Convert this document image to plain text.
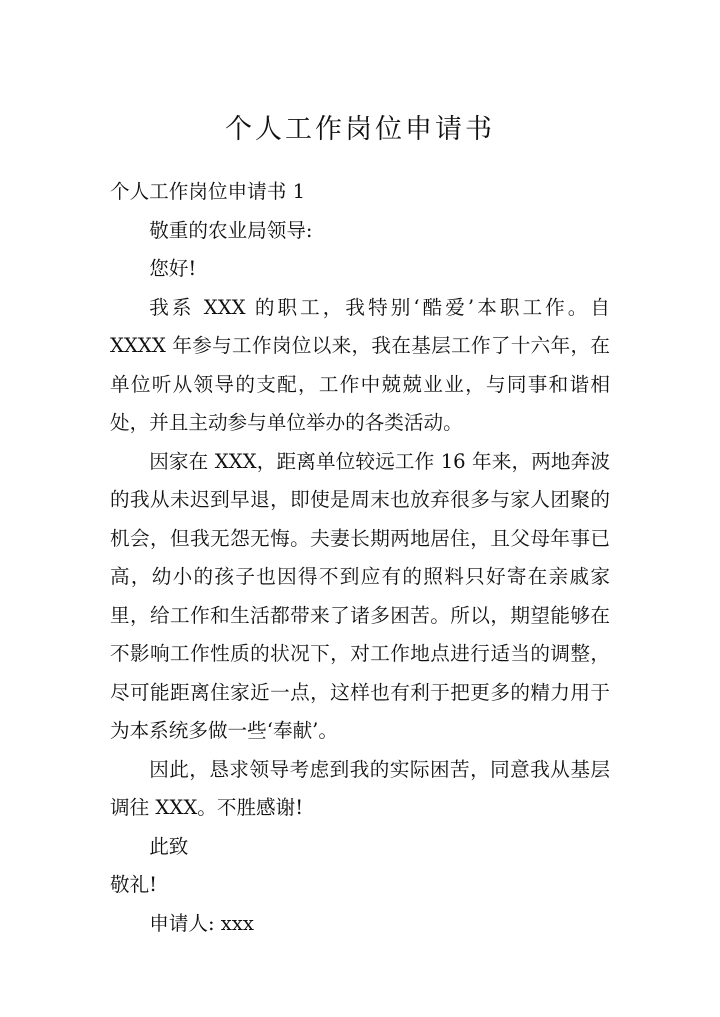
个人工作岗位申请书

个人工作岗位申请书 1

敬重的农业局领导:

您好!

我系 XXX 的职工，我特别‘酷爱’本职工作。自 XXXX 年参与工作岗位以来，我在基层工作了十六年，在单位听从领导的支配，工作中兢兢业业，与同事和谐相处，并且主动参与单位举办的各类活动。

因家在 XXX，距离单位较远工作 16 年来，两地奔波的我从未迟到早退，即使是周末也放弃很多与家人团聚的机会，但我无怨无悔。夫妻长期两地居住，且父母年事已高，幼小的孩子也因得不到应有的照料只好寄在亲戚家里，给工作和生活都带来了诸多困苦。所以，期望能够在不影响工作性质的状况下，对工作地点进行适当的调整，尽可能距离住家近一点，这样也有利于把更多的精力用于为本系统多做一些‘奉献’。

因此，恳求领导考虑到我的实际困苦，同意我从基层调往 XXX。不胜感谢!

此致

敬礼!

申请人: xxx
